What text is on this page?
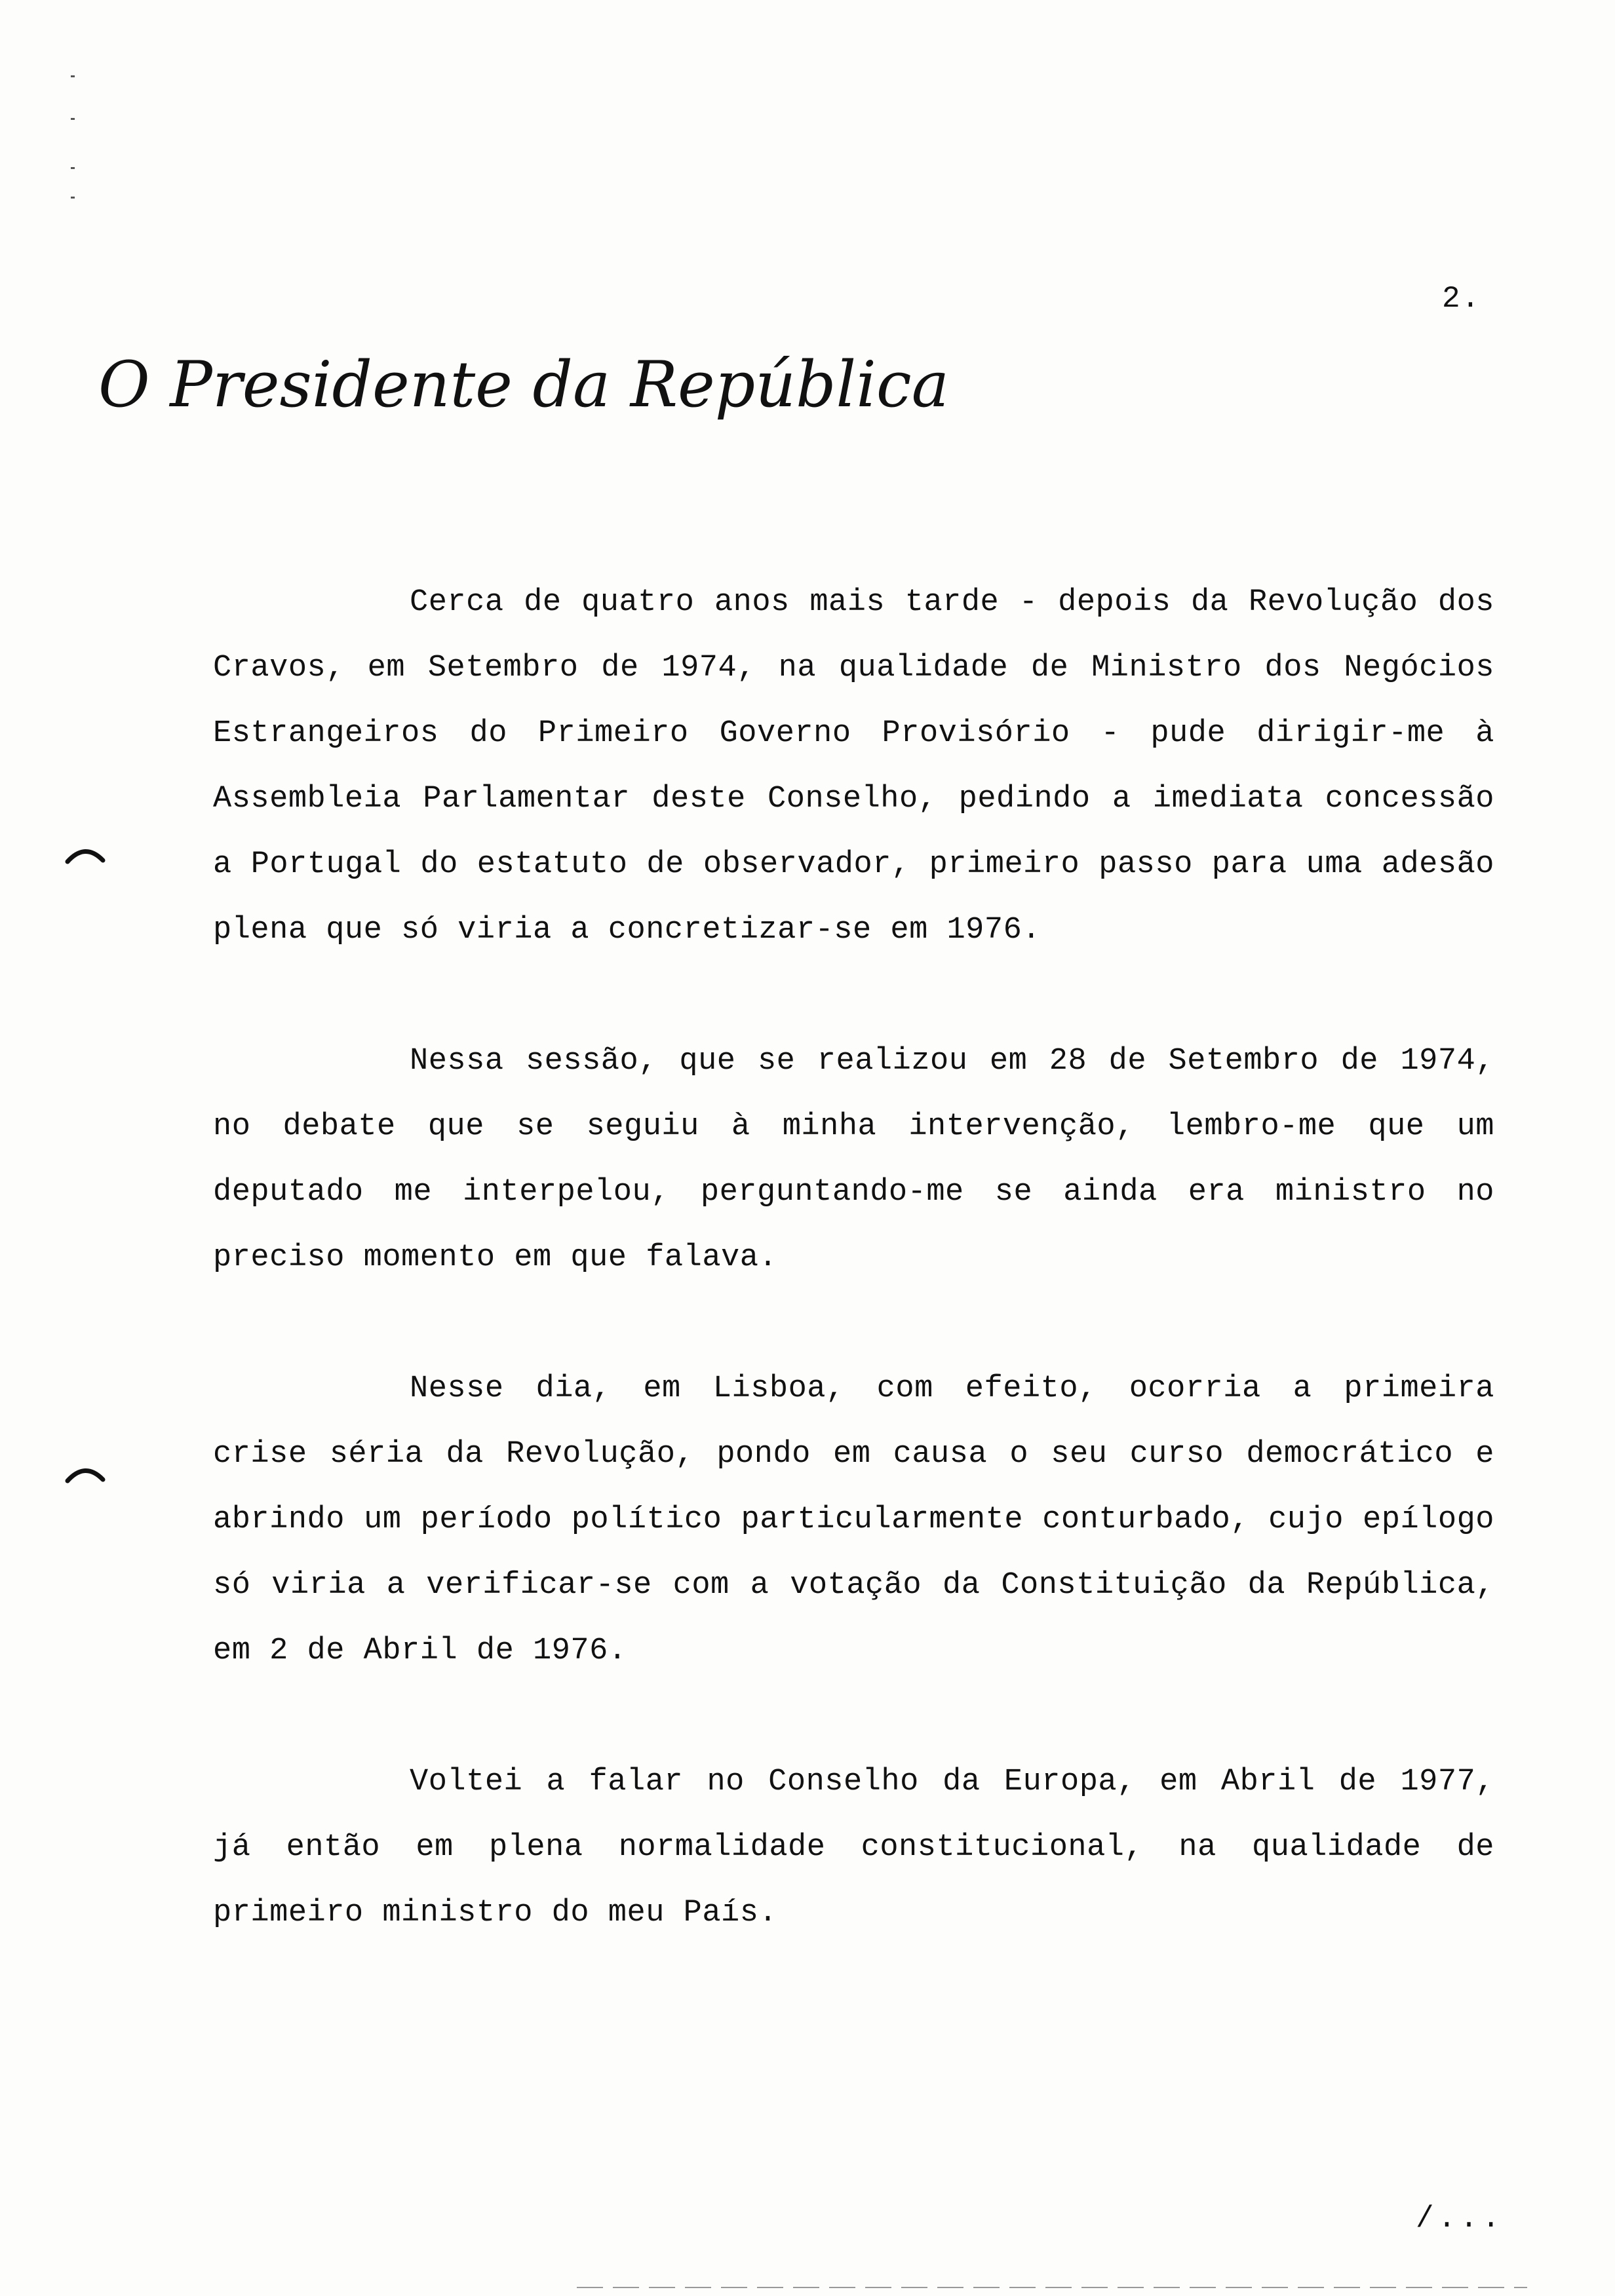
2.
O Presidente da República

Cerca de quatro anos mais tarde - depois da Revolução dos Cravos, em Setembro de 1974, na qualidade de Ministro dos Negócios Estrangeiros do Primeiro Governo Provisório - pude dirigir-me à Assembleia Parlamentar deste Conselho, pedindo a imediata concessão a Portugal do estatuto de observador, primeiro passo para uma adesão plena que só viria a concretizar-se em 1976.

Nessa sessão, que se realizou em 28 de Setembro de 1974, no debate que se seguiu à minha intervenção, lembro-me que um deputado me interpelou, perguntando-me se ainda era ministro no preciso momento em que falava.

Nesse dia, em Lisboa, com efeito, ocorria a primeira crise séria da Revolução, pondo em causa o seu curso democrático e abrindo um período político particularmente conturbado, cujo epílogo só viria a verificar-se com a votação da Constituição da República, em 2 de Abril de 1976.

Voltei a falar no Conselho da Europa, em Abril de 1977, já então em plena normalidade constitucional, na qualidade de primeiro ministro do meu País.

/...
